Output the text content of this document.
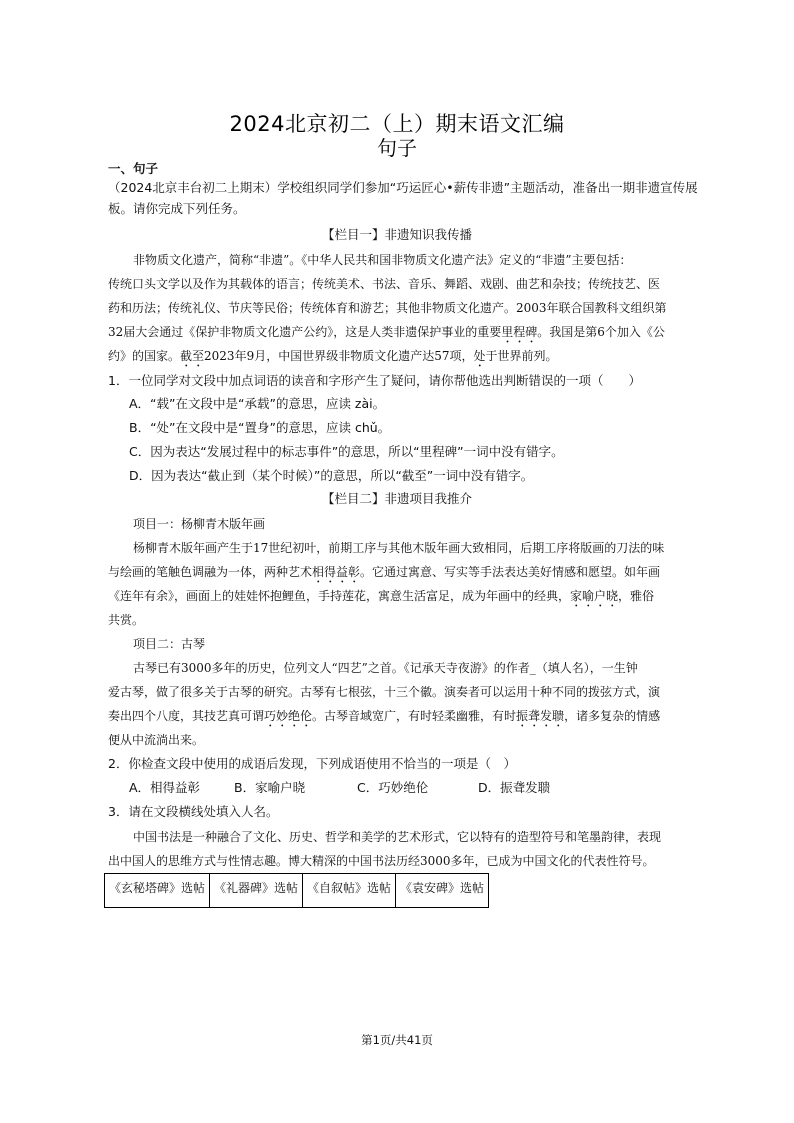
2024北京初二（上）期末语文汇编
句子
一、句子
（2024北京丰台初二上期末）学校组织同学们参加“巧运匠心•薪传非遗”主题活动，准备出一期非遗宣传展
板。请你完成下列任务。
【栏目一】非遗知识我传播
非物质文化遗产，简称“非遗”。《中华人民共和国非物质文化遗产法》定义的“非遗”主要包括：
传统口头文学以及作为其载体的语言；传统美术、书法、音乐、舞蹈、戏剧、曲艺和杂技；传统技艺、医
药和历法；传统礼仪、节庆等民俗；传统体育和游艺；其他非物质文化遗产。2003年联合国教科文组织第
32届大会通过《保护非物质文化遗产公约》，这是人类非遗保护事业的重要里程碑。我国是第6个加入《公
约》的国家。截至2023年9月，中国世界级非物质文化遗产达57项，处于世界前列。
1．一位同学对文段中加点词语的读音和字形产生了疑问，请你帮他选出判断错误的一项（　　）
A．“载”在文段中是“承载”的意思，应读 zài。
B．“处”在文段中是“置身”的意思，应读 chǔ。
C．因为表达“发展过程中的标志事件”的意思，所以“里程碑”一词中没有错字。
D．因为表达“截止到（某个时候）”的意思，所以“截至”一词中没有错字。
【栏目二】非遗项目我推介
项目一：杨柳青木版年画
杨柳青木版年画产生于17世纪初叶，前期工序与其他木版年画大致相同，后期工序将版画的刀法的味
与绘画的笔触色调融为一体，两种艺术相得益彰。它通过寓意、写实等手法表达美好情感和愿望。如年画
《连年有余》，画面上的娃娃怀抱鲤鱼，手持莲花，寓意生活富足，成为年画中的经典，家喻户晓，雅俗
共赏。
项目二：古琴
古琴已有3000多年的历史，位列文人“四艺”之首。《记承天寺夜游》的作者_（填人名），一生钟
爱古琴，做了很多关于古琴的研究。古琴有七根弦，十三个徽。演奏者可以运用十种不同的拨弦方式，演
奏出四个八度，其技艺真可谓巧妙绝伦。古琴音域宽广，有时轻柔幽雅，有时振聋发聩，诸多复杂的情感
便从中流淌出来。
2．你检查文段中使用的成语后发现，下列成语使用不恰当的一项是（　）
A．相得益彰	B．家喻户晓	C．巧妙绝伦	D．振聋发聩
3．请在文段横线处填入人名。
中国书法是一种融合了文化、历史、哲学和美学的艺术形式，它以特有的造型符号和笔墨韵律，表现
出中国人的思维方式与性情志趣。博大精深的中国书法历经3000多年，已成为中国文化的代表性符号。
《玄秘塔碑》选帖	《礼器碑》选帖	《自叙帖》选帖	《袁安碑》选帖
第1页/共41页
